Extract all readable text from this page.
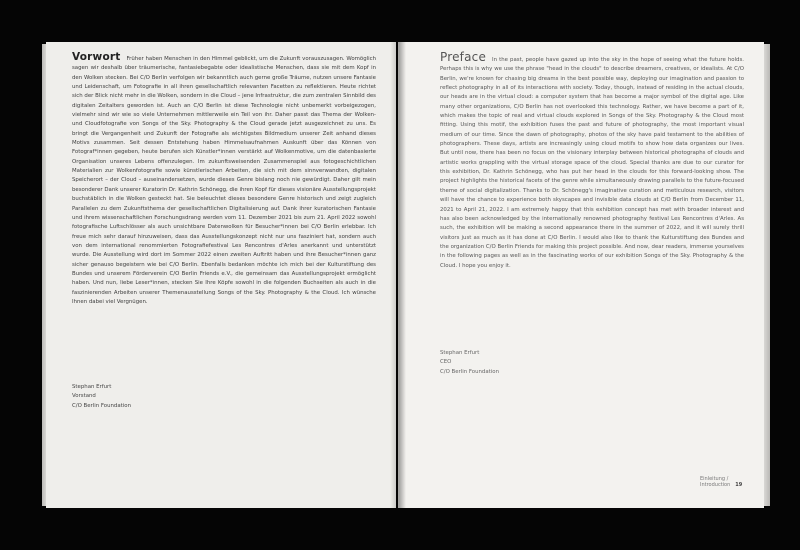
Vorwort Früher haben Menschen in den Himmel geblickt, um die Zukunft vorauszusagen. Womöglich sagen wir deshalb über träumerische, fantasiebegabte oder idealistische Menschen, dass sie mit dem Kopf in den Wolken stecken. Bei C/O Berlin verfolgen wir bekanntlich auch gerne große Träume, nutzen unsere Fantasie und Leidenschaft, um Fotografie in all ihren gesellschaftlich relevanten Facetten zu reflektieren. Heute richtet sich der Blick nicht mehr in die Wolken, sondern in die Cloud – jene Infrastruktur, die zum zentralen Sinnbild des digitalen Zeitalters geworden ist. Auch an C/O Berlin ist diese Technologie nicht unbemerkt vorbeigezogen, vielmehr sind wir wie so viele Unternehmen mittlerweile ein Teil von ihr. Daher passt das Thema der Wolken- und Cloudfotografie von Songs of the Sky. Photography & the Cloud gerade jetzt ausgezeichnet zu uns. Es bringt die Vergangenheit und Zukunft der Fotografie als wichtigstes Bildmedium unserer Zeit anhand dieses Motivs zusammen. Seit dessen Entstehung haben Himmelsaufnahmen Auskunft über das Können von Fotograf*innen gegeben, heute berufen sich Künstler*innen verstärkt auf Wolkenmotive, um die datenbasierte Organisation unseres Lebens offenzulegen. Im zukunftsweisenden Zusammenspiel aus fotogeschichtlichen Materialien zur Wolkenfotografie sowie künstlerischen Arbeiten, die sich mit dem sinnverwandten, digitalen Speicherort – der Cloud – auseinandersetzen, wurde dieses Genre bislang noch nie gewürdigt. Daher gilt mein besonderer Dank unserer Kuratorin Dr. Kathrin Schönegg, die ihren Kopf für dieses visionäre Ausstellungsprojekt buchstäblich in die Wolken gesteckt hat. Sie beleuchtet dieses besondere Genre historisch und zeigt zugleich Parallelen zu dem Zukunftsthema der gesellschaftlichen Digitalisierung auf. Dank ihrer kuratorischen Fantasie und ihrem wissenschaftlichen Forschungsdrang werden vom 11. Dezember 2021 bis zum 21. April 2022 sowohl fotografische Luftschlösser als auch unsichtbare Datenwolken für Besucher*innen bei C/O Berlin erlebbar. Ich freue mich sehr darauf hinzuweisen, dass das Ausstellungskonzept nicht nur uns fasziniert hat, sondern auch von dem international renommierten Fotografiefestival Les Rencontres d'Arles anerkannt und unterstützt wurde. Die Ausstellung wird dort im Sommer 2022 einen zweiten Auftritt haben und ihre Besucher*innen ganz sicher genauso begeistern wie bei C/O Berlin. Ebenfalls bedanken möchte ich mich bei der Kulturstiftung des Bundes und unserem Förderverein C/O Berlin Friends e.V., die gemeinsam das Ausstellungsprojekt ermöglicht haben. Und nun, liebe Leser*innen, stecken Sie Ihre Köpfe sowohl in die folgenden Buchseiten als auch in die faszinierenden Arbeiten unserer Themenausstellung Songs of the Sky. Photography & the Cloud. Ich wünsche Ihnen dabei viel Vergnügen.
Stephan Erfurt
Vorstand
C/O Berlin Foundation
Preface In the past, people have gazed up into the sky in the hope of seeing what the future holds. Perhaps this is why we use the phrase "head in the clouds" to describe dreamers, creatives, or idealists. At C/O Berlin, we're known for chasing big dreams in the best possible way, deploying our imagination and passion to reflect photography in all of its interactions with society. Today, though, instead of residing in the actual clouds, our heads are in the virtual cloud: a computer system that has become a major symbol of the digital age. Like many other organizations, C/O Berlin has not overlooked this technology. Rather, we have become a part of it, which makes the topic of real and virtual clouds explored in Songs of the Sky. Photography & the Cloud most fitting. Using this motif, the exhibition fuses the past and future of photography, the most important visual medium of our time. Since the dawn of photography, photos of the sky have paid testament to the abilities of photographers. These days, artists are increasingly using cloud motifs to show how data organizes our lives. But until now, there has been no focus on the visionary interplay between historical photographs of clouds and artistic works grappling with the virtual storage space of the cloud. Special thanks are due to our curator for this exhibition, Dr. Kathrin Schönegg, who has put her head in the clouds for this forward-looking show. The project highlights the historical facets of the genre while simultaneously drawing parallels to the future-focused theme of social digitalization. Thanks to Dr. Schönegg's imaginative curation and meticulous research, visitors will have the chance to experience both skyscapes and invisible data clouds at C/O Berlin from December 11, 2021 to April 21, 2022. I am extremely happy that this exhibition concept has met with broader interest and has also been acknowledged by the internationally renowned photography festival Les Rencontres d'Arles. As such, the exhibition will be making a second appearance there in the summer of 2022, and it will surely thrill visitors just as much as it has done at C/O Berlin. I would also like to thank the Kulturstiftung des Bundes and the organization C/O Berlin Friends for making this project possible. And now, dear readers, immerse yourselves in the following pages as well as in the fascinating works of our exhibition Songs of the Sky. Photography & the Cloud. I hope you enjoy it.
Stephan Erfurt
CEO
C/O Berlin Foundation
Einleitung / Introduction 19
